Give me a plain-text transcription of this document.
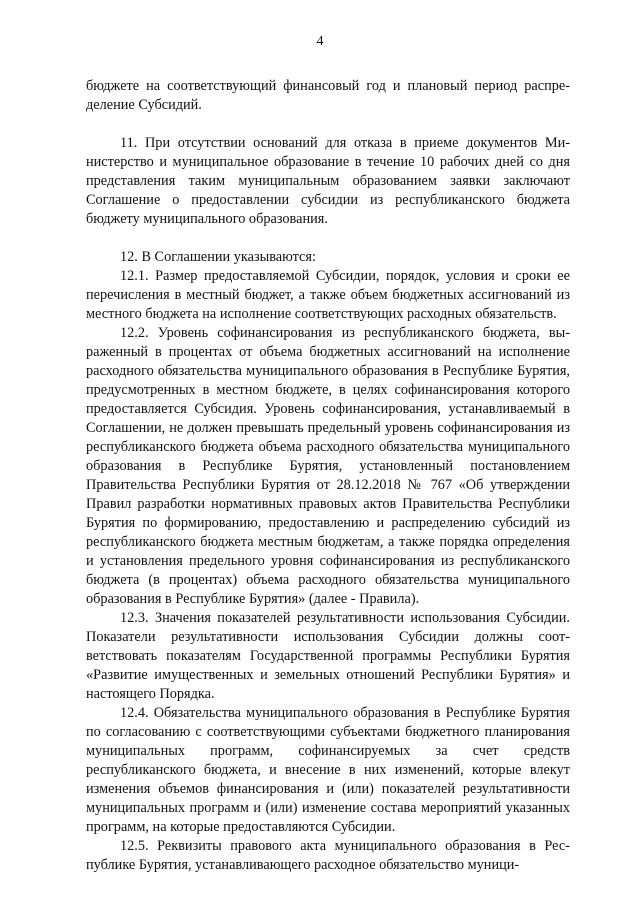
4

бюджете на соответствующий финансовый год и плановый период распределение Субсидий.

11. При отсутствии оснований для отказа в приеме документов Министерство и муниципальное образование в течение 10 рабочих дней со дня представления таким муниципальным образованием заявки заключают Соглашение о предоставлении субсидии из республиканского бюджета бюджету муниципального образования.

12. В Соглашении указываются:

12.1. Размер предоставляемой Субсидии, порядок, условия и сроки ее перечисления в местный бюджет, а также объем бюджетных ассигнований из местного бюджета на исполнение соответствующих расходных обязательств.

12.2. Уровень софинансирования из республиканского бюджета, выраженный в процентах от объема бюджетных ассигнований на исполнение расходного обязательства муниципального образования в Республике Бурятия, предусмотренных в местном бюджете, в целях софинансирования которого предоставляется Субсидия. Уровень софинансирования, устанавливаемый в Соглашении, не должен превышать предельный уровень софинансирования из республиканского бюджета объема расходного обязательства муниципального образования в Республике Бурятия, установленный постановлением Правительства Республики Бурятия от 28.12.2018 № 767 «Об утверждении Правил разработки нормативных правовых актов Правительства Республики Бурятия по формированию, предоставлению и распределению субсидий из республиканского бюджета местным бюджетам, а также порядка определения и установления предельного уровня софинансирования из республиканского бюджета (в процентах) объема расходного обязательства муниципального образования в Республике Бурятия» (далее - Правила).

12.3. Значения показателей результативности использования Субсидии. Показатели результативности использования Субсидии должны соответствовать показателям Государственной программы Республики Бурятия «Развитие имущественных и земельных отношений Республики Бурятия» и настоящего Порядка.

12.4. Обязательства муниципального образования в Республике Бурятия по согласованию с соответствующими субъектами бюджетного планирования муниципальных программ, софинансируемых за счет средств республиканского бюджета, и внесение в них изменений, которые влекут изменения объемов финансирования и (или) показателей результативности муниципальных программ и (или) изменение состава мероприятий указанных программ, на которые предоставляются Субсидии.

12.5. Реквизиты правового акта муниципального образования в Республике Бурятия, устанавливающего расходное обязательство муници-
